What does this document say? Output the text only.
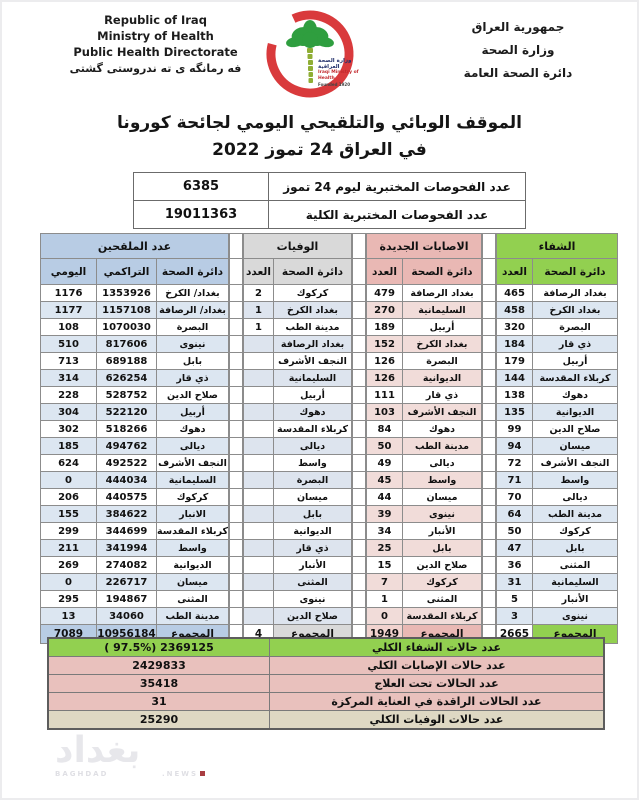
Republic of Iraq
Ministry of Health
Public Health Directorate
فه رمانگه ی ته ندروستی گشتی
وزارة الصحة العراقية
Iraqi Ministry of Health
Founded 1920
جمهورية العراق
وزارة الصحة
دائرة الصحة العامة
الموقف الوبائي والتلقيحي اليومي لجائحة كورونا
في العراق 24 تموز 2022
6385	عدد الفحوصات المختبرية ليوم 24 تموز
19011363	عدد الفحوصات المختبرية الكلية
عدد الملقحين		
اليومي	التراكمي	دائرة الصحة
1176	1353926	بغداد/ الكرخ
1177	1157108	بغداد/ الرصافة
108	1070030	البصرة
510	817606	نينوى
713	689188	بابل
314	626254	ذي قار
228	528752	صلاح الدين
304	522120	أربيل
302	518266	دهوك
185	494762	ديالى
624	492522	النجف الأشرف
0	444034	السليمانية
206	440575	كركوك
155	384622	الانبار
299	344699	كربلاء المقدسة
211	341994	واسط
269	274082	الديوانية
0	226717	ميسان
295	194867	المثنى
13	34060	مدينة الطب
7089	10956184	المجموع

الوفيات	
العدد	دائرة الصحة
2	كركوك
1	بغداد الكرخ
1	مدينة الطب
	بغداد الرصافة
	النجف الأشرف
	السليمانية
	أربيل
	دهوك
	كربلاء المقدسة
	ديالى
	واسط
	البصرة
	ميسان
	بابل
	الديوانية
	ذي قار
	الأنبار
	المثنى
	نينوى
	صلاح الدين
4	المجموع

الاصابات الجديدة	
العدد	دائرة الصحة
479	بغداد الرصافة
270	السليمانية
189	أربيل
152	بغداد الكرخ
126	البصرة
126	الديوانية
111	ذي قار
103	النجف الأشرف
84	دهوك
50	مدينة الطب
49	ديالى
45	واسط
44	ميسان
39	نينوى
34	الأنبار
25	بابل
15	صلاح الدين
7	كركوك
1	المثنى
0	كربلاء المقدسة
1949	المجموع

الشفاء	
العدد	دائرة الصحة
465	بغداد الرصافة
458	بغداد الكرخ
320	البصرة
184	ذي قار
179	أربيل
144	كربلاء المقدسة
138	دهوك
135	الديوانية
99	صلاح الدين
94	ميسان
72	النجف الأشرف
71	واسط
70	ديالى
64	مدينة الطب
50	كركوك
47	بابل
36	المثنى
31	السليمانية
5	الأنبار
3	نينوى
2665	المجموع
( 97.5%) 2369125	عدد حالات الشفاء الكلي
2429833	عدد حالات الإصابات الكلي
35418	عدد الحالات تحت العلاج
31	عدد الحالات الراقدة في العناية المركزة
25290	عدد حالات الوفيات الكلي
بغداد
BAGHDAD	.NEWS
